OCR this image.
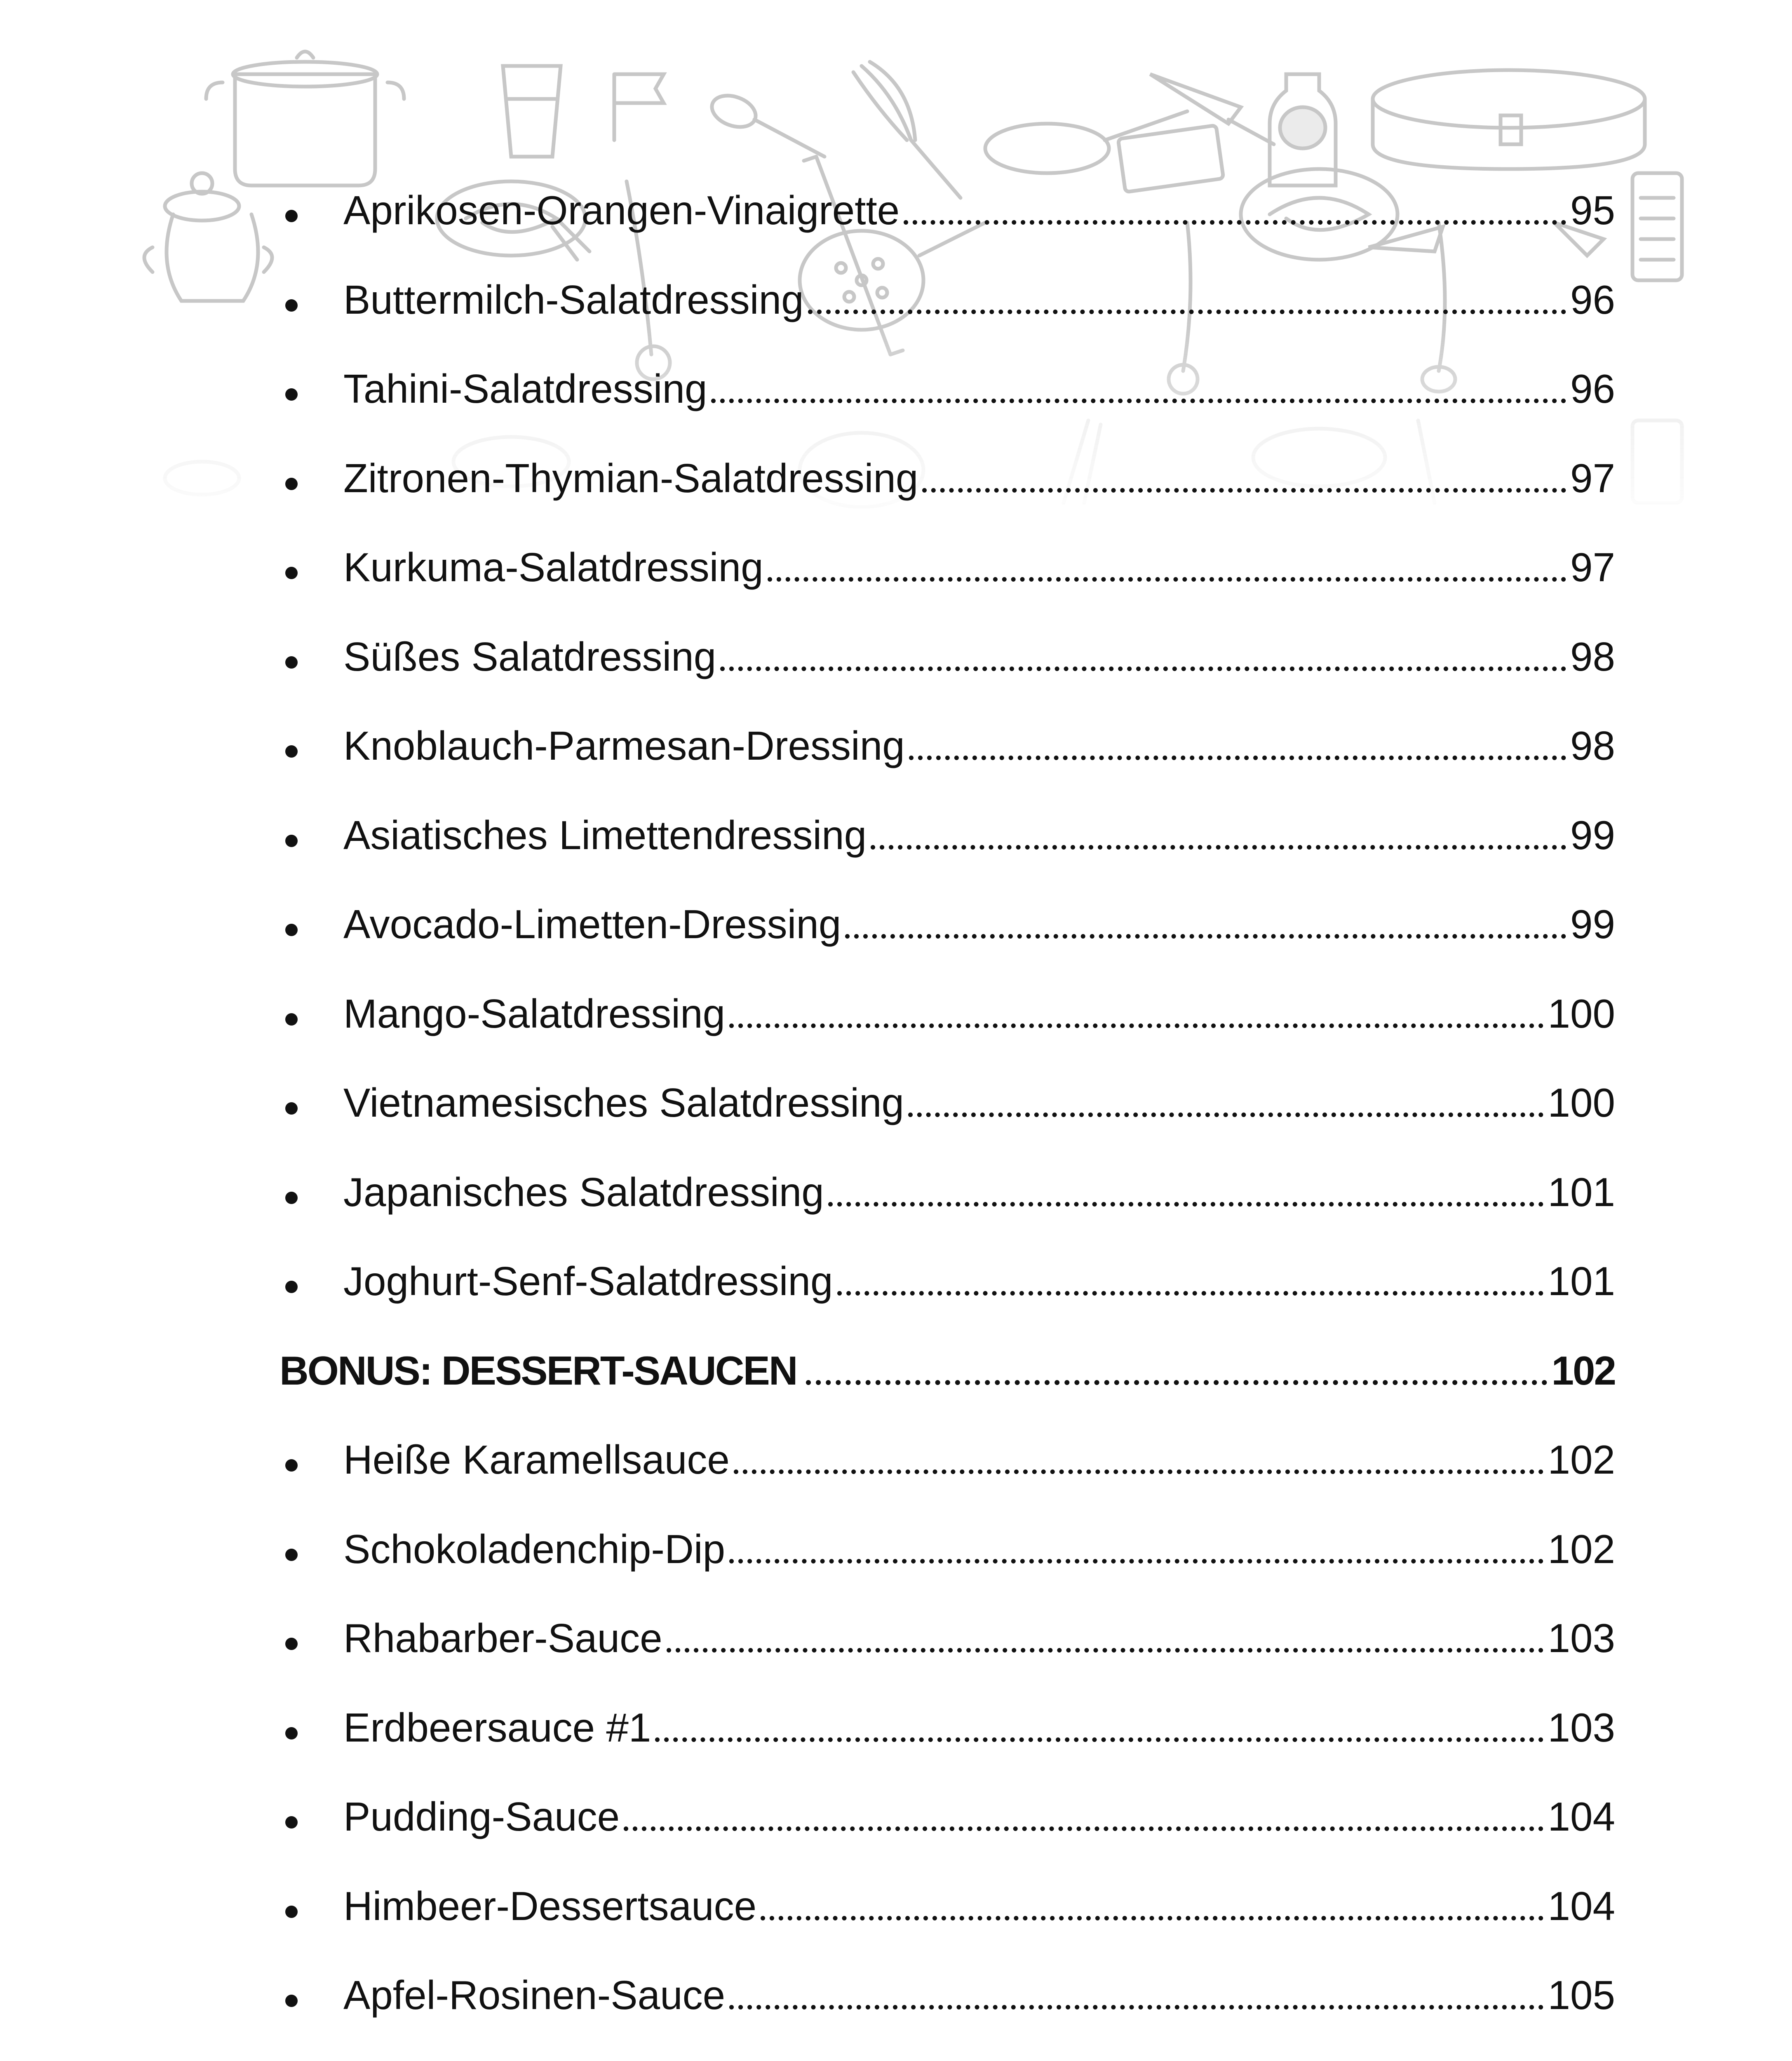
Aprikosen-Orangen-Vinaigrette	95
Buttermilch-Salatdressing	96
Tahini-Salatdressing	96
Zitronen-Thymian-Salatdressing	97
Kurkuma-Salatdressing	97
Süßes Salatdressing	98
Knoblauch-Parmesan-Dressing	98
Asiatisches Limettendressing	99
Avocado-Limetten-Dressing	99
Mango-Salatdressing	100
Vietnamesisches Salatdressing	100
Japanisches Salatdressing	101
Joghurt-Senf-Salatdressing	101
BONUS: DESSERT-SAUCEN	102
Heiße Karamellsauce	102
Schokoladenchip-Dip	102
Rhabarber-Sauce	103
Erdbeersauce #1	103
Pudding-Sauce	104
Himbeer-Dessertsauce	104
Apfel-Rosinen-Sauce	105
